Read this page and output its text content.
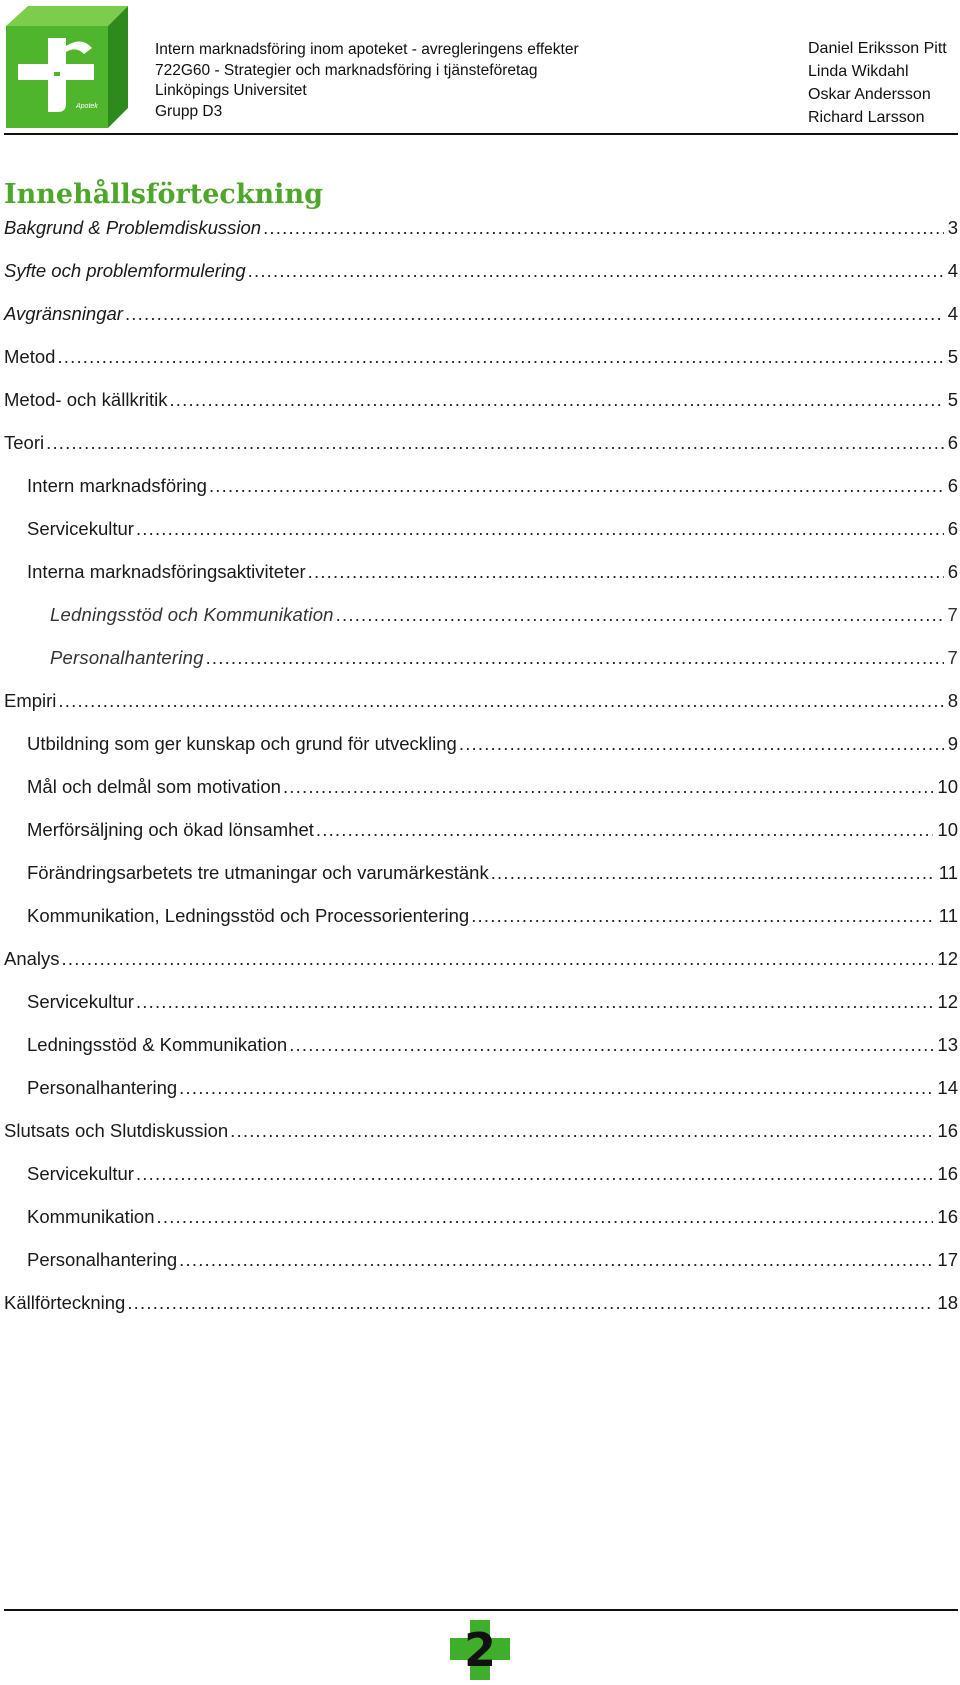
Apotek
Intern marknadsföring inom apoteket - avregleringens effekter
722G60 - Strategier och marknadsföring i tjänsteföretag
Linköpings Universitet
Grupp D3
Daniel Eriksson Pitt
Linda Wikdahl
Oskar Andersson
Richard Larsson
Innehållsförteckning
Bakgrund & Problemdiskussion .....	3
Syfte och problemformulering .....	4
Avgränsningar .....	4
Metod .....	5
Metod- och källkritik .....	5
Teori .....	6
Intern marknadsföring .....	6
Servicekultur .....	6
Interna marknadsföringsaktiviteter .....	6
Ledningsstöd och Kommunikation .....	7
Personalhantering .....	7
Empiri .....	8
Utbildning som ger kunskap och grund för utveckling .....	9
Mål och delmål som motivation .....	10
Merförsäljning och ökad lönsamhet .....	10
Förändringsarbetets tre utmaningar och varumärkestänk .....	11
Kommunikation, Ledningsstöd och Processorientering .....	11
Analys .....	12
Servicekultur .....	12
Ledningsstöd & Kommunikation .....	13
Personalhantering .....	14
Slutsats och Slutdiskussion .....	16
Servicekultur .....	16
Kommunikation .....	16
Personalhantering .....	17
Källförteckning .....	18
2
